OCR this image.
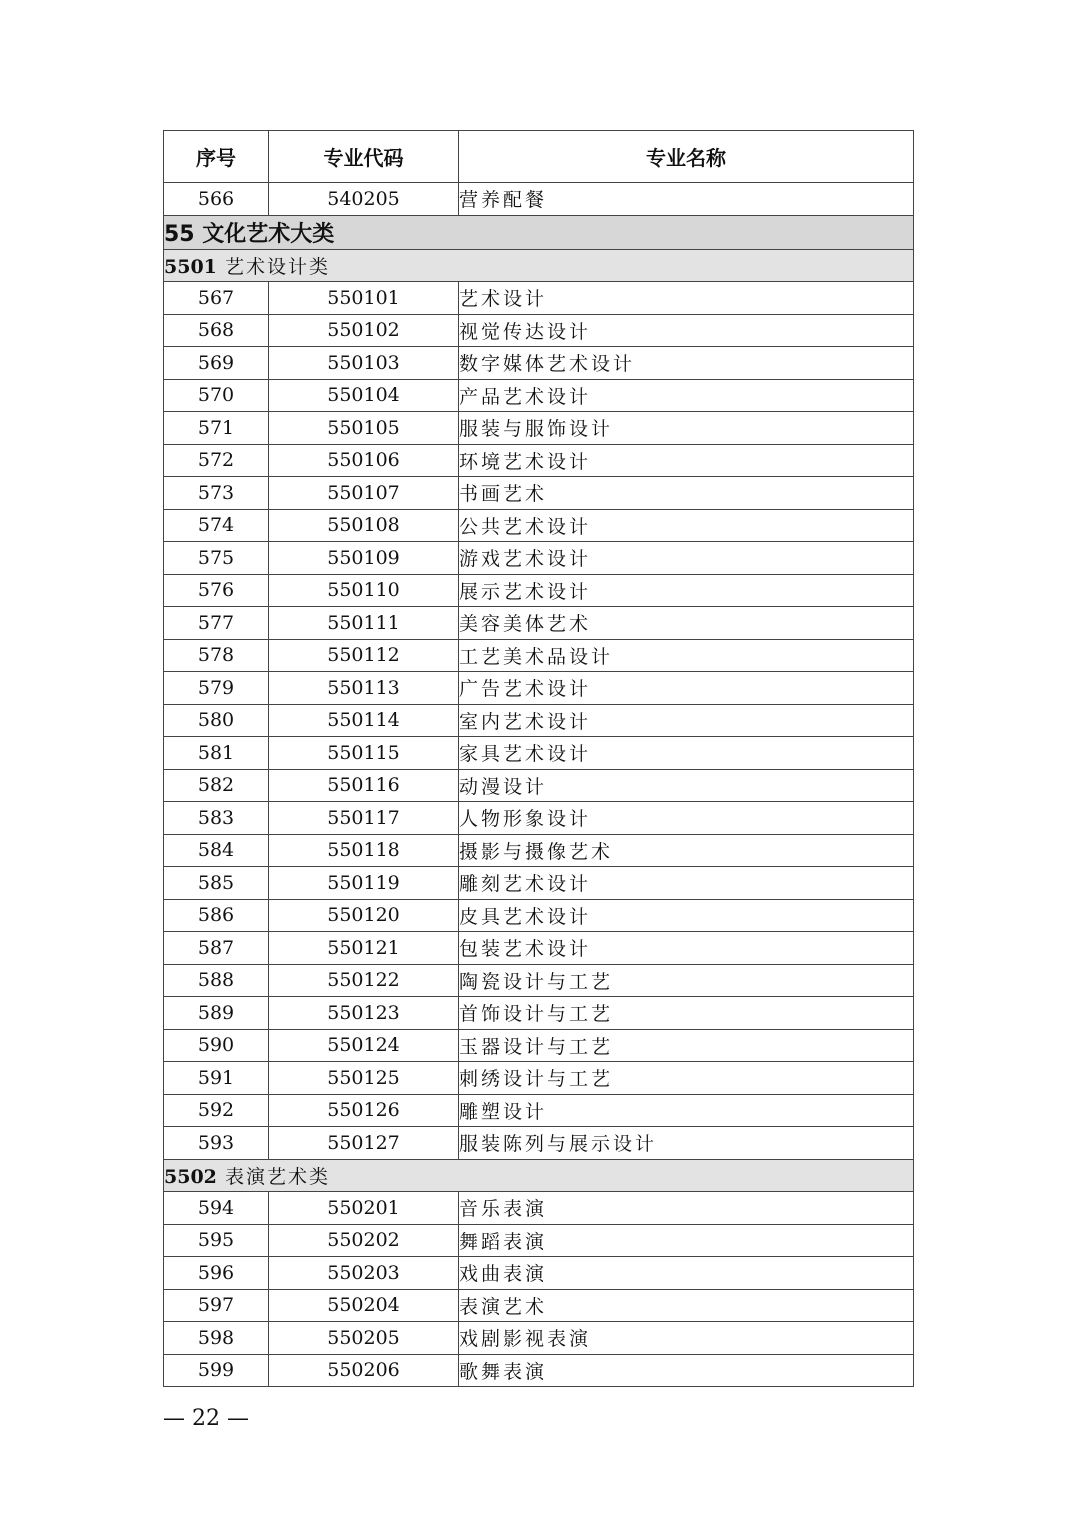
序号	专业代码	专业名称
566	540205	营养配餐
55 文化艺术大类		
5501 艺术设计类		
567	550101	艺术设计
568	550102	视觉传达设计
569	550103	数字媒体艺术设计
570	550104	产品艺术设计
571	550105	服装与服饰设计
572	550106	环境艺术设计
573	550107	书画艺术
574	550108	公共艺术设计
575	550109	游戏艺术设计
576	550110	展示艺术设计
577	550111	美容美体艺术
578	550112	工艺美术品设计
579	550113	广告艺术设计
580	550114	室内艺术设计
581	550115	家具艺术设计
582	550116	动漫设计
583	550117	人物形象设计
584	550118	摄影与摄像艺术
585	550119	雕刻艺术设计
586	550120	皮具艺术设计
587	550121	包装艺术设计
588	550122	陶瓷设计与工艺
589	550123	首饰设计与工艺
590	550124	玉器设计与工艺
591	550125	刺绣设计与工艺
592	550126	雕塑设计
593	550127	服装陈列与展示设计
5502 表演艺术类		
594	550201	音乐表演
595	550202	舞蹈表演
596	550203	戏曲表演
597	550204	表演艺术
598	550205	戏剧影视表演
599	550206	歌舞表演
— 22 —
